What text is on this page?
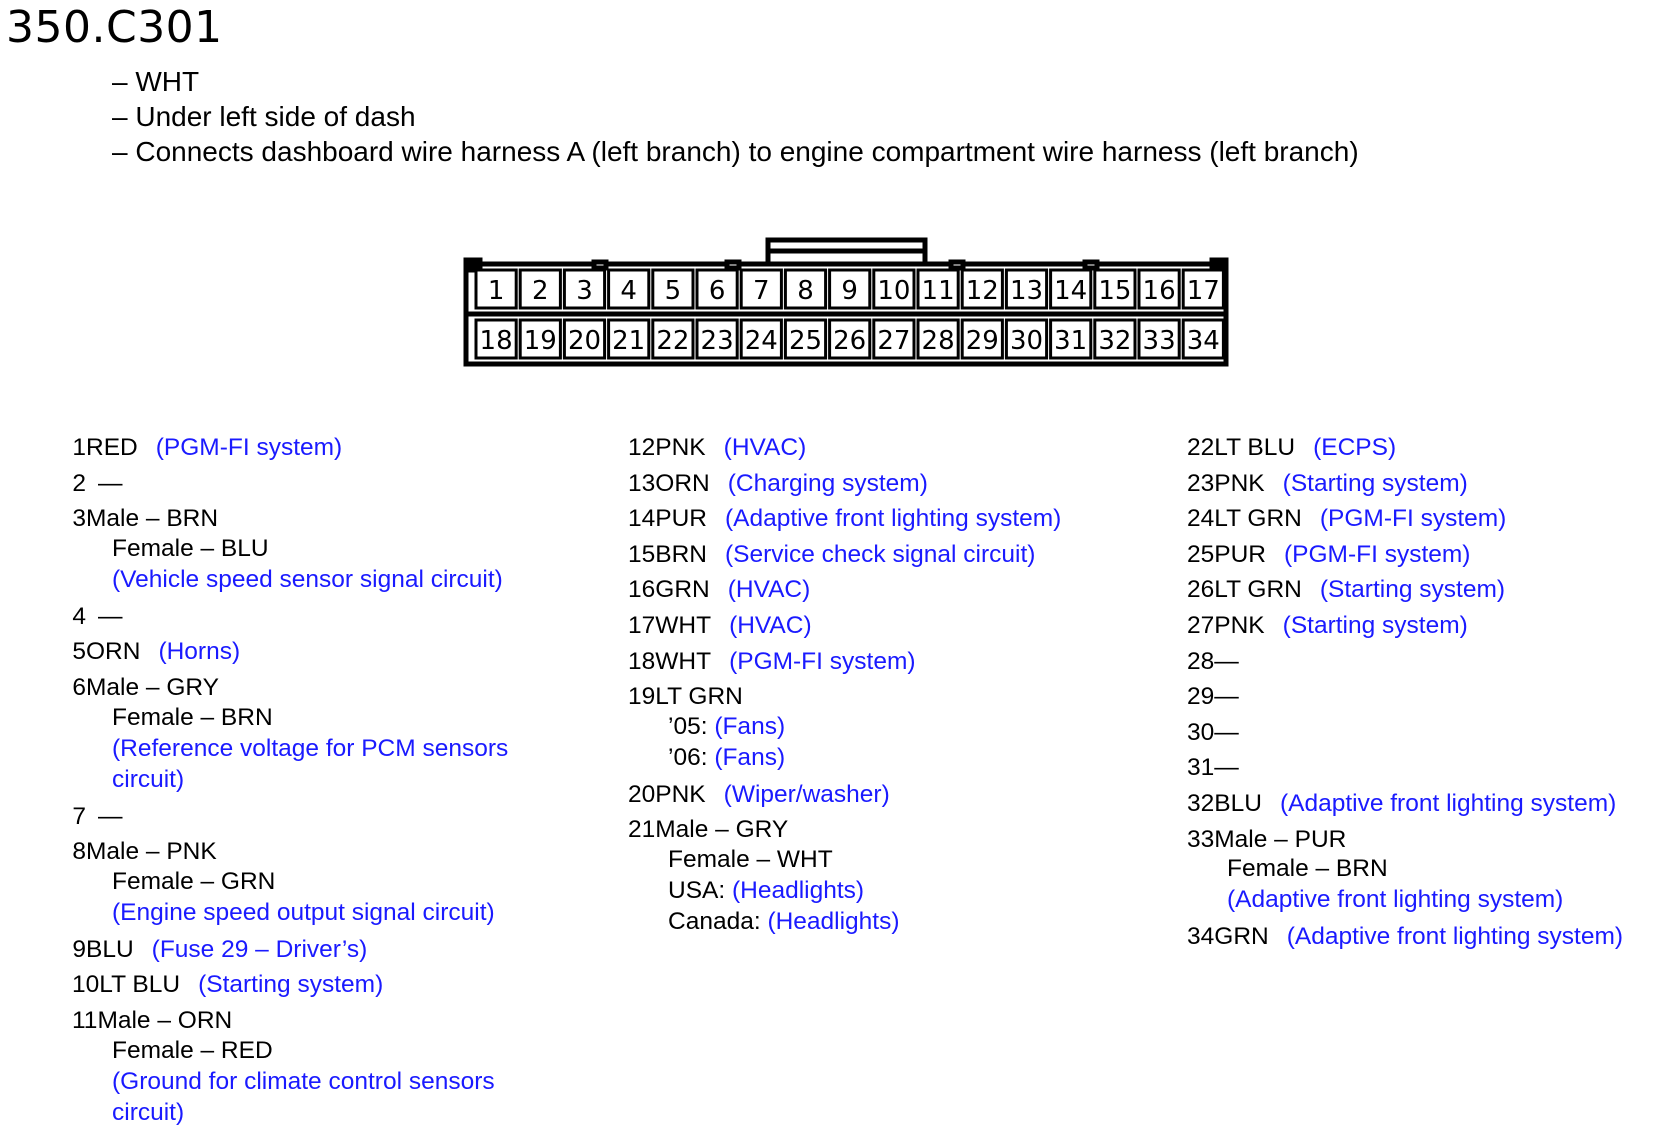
350.C301
– WHT
– Under left side of dash
– Connects dashboard wire harness A (left branch) to engine compartment wire harness (left branch)
1 2 3 4 5 6 7 8 9 10 11 12 13 14 15 16 17
18 19 20 21 22 23 24 25 26 27 28 29 30 31 32 33 34
1RED (PGM-FI system)
2 —
3Male – BRN
Female – BLU
(Vehicle speed sensor signal circuit)
4 —
5ORN (Horns)
6Male – GRY
Female – BRN
(Reference voltage for PCM sensors
circuit)
7 —
8Male – PNK
Female – GRN
(Engine speed output signal circuit)
9BLU (Fuse 29 – Driver’s)
10LT BLU (Starting system)
11Male – ORN
Female – RED
(Ground for climate control sensors
circuit)
12PNK (HVAC)
13ORN (Charging system)
14PUR (Adaptive front lighting system)
15BRN (Service check signal circuit)
16GRN (HVAC)
17WHT (HVAC)
18WHT (PGM-FI system)
19LT GRN
’05: (Fans)
’06: (Fans)
20PNK (Wiper/washer)
21Male – GRY
Female – WHT
USA: (Headlights)
Canada: (Headlights)
22LT BLU (ECPS)
23PNK (Starting system)
24LT GRN (PGM-FI system)
25PUR (PGM-FI system)
26LT GRN (Starting system)
27PNK (Starting system)
28—
29—
30—
31—
32BLU (Adaptive front lighting system)
33Male – PUR
Female – BRN
(Adaptive front lighting system)
34GRN (Adaptive front lighting system)
